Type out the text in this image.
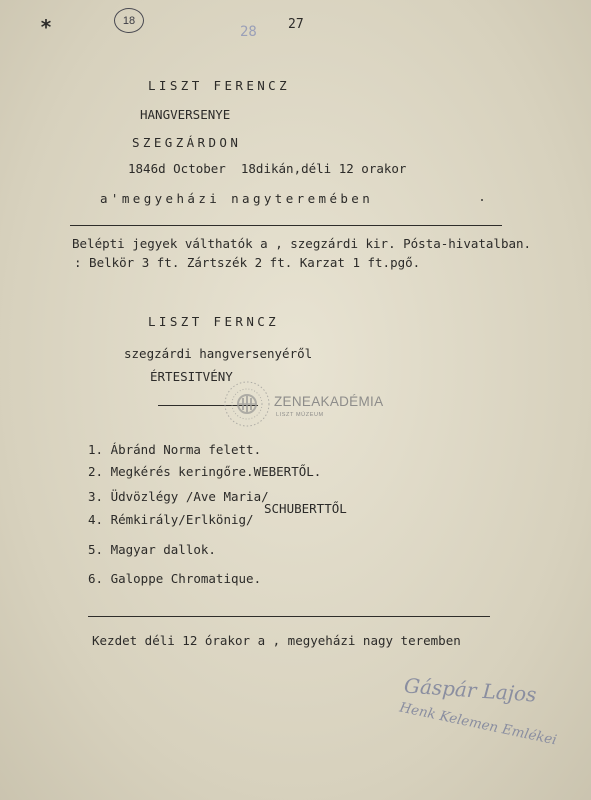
*	18
28 27
LISZT FERENCZ
HANGVERSENYE
SZEGZÁRDON
1846d October  18dikán,déli 12 orakor
a'megyeházi nagyteremében
Belépti jegyek válthatók a , szegzárdi kir. Pósta-hivatalban.
: Belkör 3 ft. Zártszék 2 ft. Karzat 1 ft.pgő.
LISZT FERNCZ
szegzárdi hangversenyéről
ÉRTESITVÉNY
ZENEAKADÉMIA
LISZT MÚZEUM
1. Ábránd Norma felett.
2. Megkérés keringőre.WEBERTŐL.
3. Üdvözlégy /Ave Maria/
4. Rémkirály/Erlkönig/
SCHUBERTTŐL
5. Magyar dallok.
6. Galoppe Chromatique.
Kezdet déli 12 órakor a , megyeházi nagy teremben
Gáspár Lajos
Henk Kelemen Emlékei
